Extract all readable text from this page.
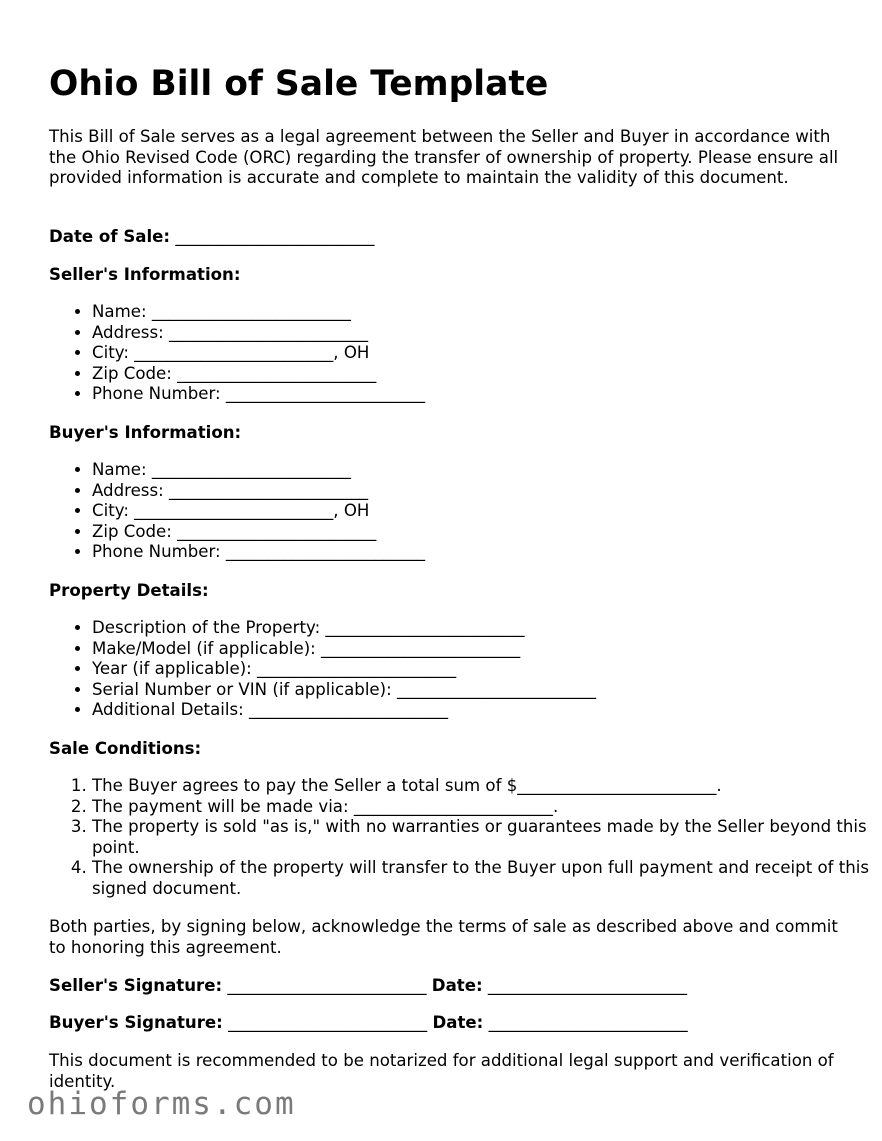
Ohio Bill of Sale Template

This Bill of Sale serves as a legal agreement between the Seller and Buyer in accordance with the Ohio Revised Code (ORC) regarding the transfer of ownership of property. Please ensure all provided information is accurate and complete to maintain the validity of this document.

Date of Sale: ________________________
Seller's Information:
• Name: ________________________
• Address: ________________________
• City: ________________________, OH
• Zip Code: ________________________
• Phone Number: ________________________
Buyer's Information:
• Name: ________________________
• Address: ________________________
• City: ________________________, OH
• Zip Code: ________________________
• Phone Number: ________________________
Property Details:
• Description of the Property: ________________________
• Make/Model (if applicable): ________________________
• Year (if applicable): ________________________
• Serial Number or VIN (if applicable): ________________________
• Additional Details: ________________________
Sale Conditions:
1. The Buyer agrees to pay the Seller a total sum of $________________________.
2. The payment will be made via: ________________________.
3. The property is sold "as is," with no warranties or guarantees made by the Seller beyond this point.
4. The ownership of the property will transfer to the Buyer upon full payment and receipt of this signed document.

Both parties, by signing below, acknowledge the terms of sale as described above and commit to honoring this agreement.

Seller's Signature: ________________________ Date: ________________________
Buyer's Signature: ________________________ Date: ________________________

This document is recommended to be notarized for additional legal support and verification of identity.

ohioforms.com
